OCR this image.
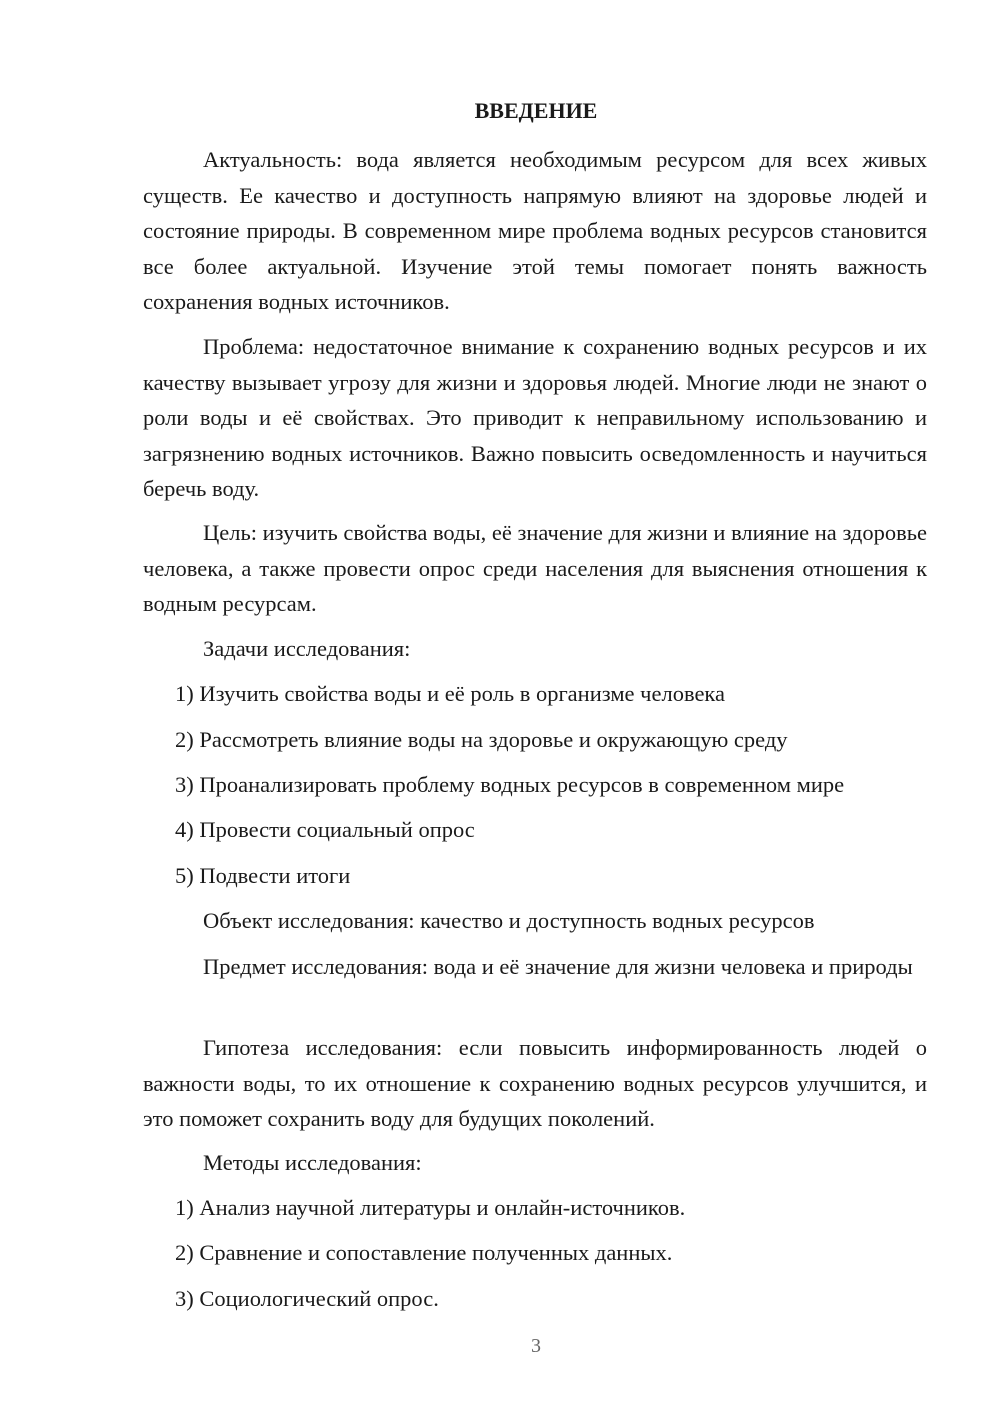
ВВЕДЕНИЕ

Актуальность: вода является необходимым ресурсом для всех живых существ. Ее качество и доступность напрямую влияют на здоровье людей и состояние природы. В современном мире проблема водных ресурсов становится все более актуальной. Изучение этой темы помогает понять важность сохранения водных источников.

Проблема: недостаточное внимание к сохранению водных ресурсов и их качеству вызывает угрозу для жизни и здоровья людей. Многие люди не знают о роли воды и её свойствах. Это приводит к неправильному использованию и загрязнению водных источников. Важно повысить осведомленность и научиться беречь воду.

Цель: изучить свойства воды, её значение для жизни и влияние на здоровье человека, а также провести опрос среди населения для выяснения отношения к водным ресурсам.

Задачи исследования:

1) Изучить свойства воды и её роль в организме человека

2) Рассмотреть влияние воды на здоровье и окружающую среду

3) Проанализировать проблему водных ресурсов в современном мире

4) Провести социальный опрос

5) Подвести итоги

Объект исследования: качество и доступность водных ресурсов

Предмет исследования: вода и её значение для жизни человека и природы

Гипотеза исследования: если повысить информированность людей о важности воды, то их отношение к сохранению водных ресурсов улучшится, и это поможет сохранить воду для будущих поколений.

Методы исследования:

1) Анализ научной литературы и онлайн-источников.

2) Сравнение и сопоставление полученных данных.

3) Социологический опрос.

3
